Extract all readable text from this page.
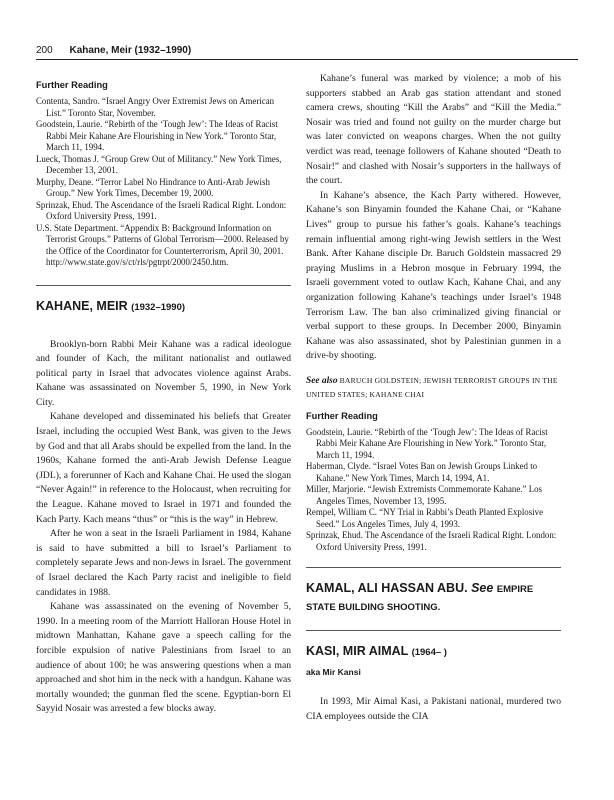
200 Kahane, Meir (1932–1990)
Further Reading

Contenta, Sandro. “Israel Angry Over Extremist Jews on American List.” Toronto Star, November.

Goodstein, Laurie. “Rebirth of the ‘Tough Jew’: The Ideas of Racist Rabbi Meir Kahane Are Flourishing in New York.” Toronto Star, March 11, 1994.

Lueck, Thomas J. “Group Grew Out of Militancy.” New York Times, December 13, 2001.

Murphy, Deane. “Terror Label No Hindrance to Anti-Arab Jewish Group.” New York Times, December 19, 2000.

Sprinzak, Ehud. The Ascendance of the Israeli Radical Right. London: Oxford University Press, 1991.

U.S. State Department. “Appendix B: Background Information on Terrorist Groups.” Patterns of Global Terrorism—2000. Released by the Office of the Coordinator for Counterterrorism, April 30, 2001. http://www.state.gov/s/ct/rls/pgtrpt/2000/2450.htm.

KAHANE, MEIR (1932–1990)

Brooklyn-born Rabbi Meir Kahane was a radical ideologue and founder of Kach, the militant nationalist and outlawed political party in Israel that advocates violence against Arabs. Kahane was assassinated on November 5, 1990, in New York City.

Kahane developed and disseminated his beliefs that Greater Israel, including the occupied West Bank, was given to the Jews by God and that all Arabs should be expelled from the land. In the 1960s, Kahane formed the anti-Arab Jewish Defense League (JDL), a forerunner of Kach and Kahane Chai. He used the slogan “Never Again!” in reference to the Holocaust, when recruiting for the League. Kahane moved to Israel in 1971 and founded the Kach Party. Kach means “thus” or “this is the way” in Hebrew.

After he won a seat in the Israeli Parliament in 1984, Kahane is said to have submitted a bill to Israel’s Parliament to completely separate Jews and non-Jews in Israel. The government of Israel declared the Kach Party racist and ineligible to field candidates in 1988.

Kahane was assassinated on the evening of November 5, 1990. In a meeting room of the Marriott Halloran House Hotel in midtown Manhattan, Kahane gave a speech calling for the forcible expulsion of native Palestinians from Israel to an audience of about 100; he was answering questions when a man approached and shot him in the neck with a handgun. Kahane was mortally wounded; the gunman fled the scene. Egyptian-born El Sayyid Nosair was arrested a few blocks away.

Kahane’s funeral was marked by violence; a mob of his supporters stabbed an Arab gas station attendant and stoned camera crews, shouting “Kill the Arabs” and “Kill the Media.” Nosair was tried and found not guilty on the murder charge but was later convicted on weapons charges. When the not guilty verdict was read, teenage followers of Kahane shouted “Death to Nosair!” and clashed with Nosair’s supporters in the hallways of the court.

In Kahane’s absence, the Kach Party withered. However, Kahane’s son Binyamin founded the Kahane Chai, or “Kahane Lives” group to pursue his father’s goals. Kahane’s teachings remain influential among right-wing Jewish settlers in the West Bank. After Kahane disciple Dr. Baruch Goldstein massacred 29 praying Muslims in a Hebron mosque in February 1994, the Israeli government voted to outlaw Kach, Kahane Chai, and any organization following Kahane’s teachings under Israel’s 1948 Terrorism Law. The ban also criminalized giving financial or verbal support to these groups. In December 2000, Binyamin Kahane was also assassinated, shot by Palestinian gunmen in a drive-by shooting.

See also BARUCH GOLDSTEIN; JEWISH TERRORIST GROUPS IN THE UNITED STATES; KAHANE CHAI

Further Reading

Goodstein, Laurie. “Rebirth of the ‘Tough Jew’: The Ideas of Racist Rabbi Meir Kahane Are Flourishing in New York.” Toronto Star, March 11, 1994.

Haberman, Clyde. “Israel Votes Ban on Jewish Groups Linked to Kahane.” New York Times, March 14, 1994, A1.

Miller, Marjorie. “Jewish Extremists Commemorate Kahane.” Los Angeles Times, November 13, 1995.

Rempel, William C. “NY Trial in Rabbi’s Death Planted Explosive Seed.” Los Angeles Times, July 4, 1993.

Sprinzak, Ehud. The Ascendance of the Israeli Radical Right. London: Oxford University Press, 1991.

KAMAL, ALI HASSAN ABU. See EMPIRE STATE BUILDING SHOOTING.
KASI, MIR AIMAL (1964– )
aka Mir Kansi

In 1993, Mir Aimal Kasi, a Pakistani national, murdered two CIA employees outside the CIA
